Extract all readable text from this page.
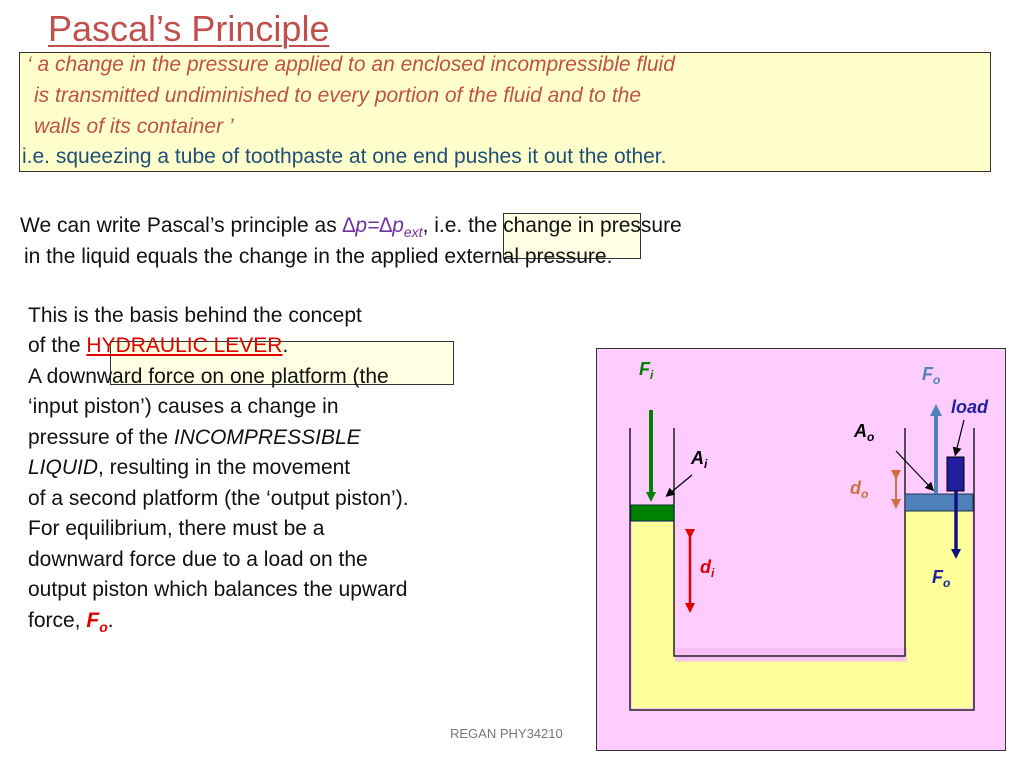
Pascal’s Principle
‘ a change in the pressure applied to an enclosed incompressible fluid
is transmitted undiminished to every portion of the fluid and to the
walls of its container ’
i.e. squeezing a tube of toothpaste at one end pushes it out the other.
We can write Pascal’s principle as $\Delta p=\Delta p_{ext}$, i.e. the change in pressure
in the liquid equals the change in the applied external pressure.
This is the basis behind the concept
of the HYDRAULIC LEVER.
A downward force on one platform (the
‘input piston’) causes a change in
pressure of the INCOMPRESSIBLE
LIQUID, resulting in the movement
of a second platform (the ‘output piston’).
For equilibrium, there must be a
downward force due to a load on the
output piston which balances the upward
force, $F_o$.
$F_i$	$F_o$
load
$A_o$
$A_i$
$d_o$
$d_i$	$F_o$
REGAN PHY34210
